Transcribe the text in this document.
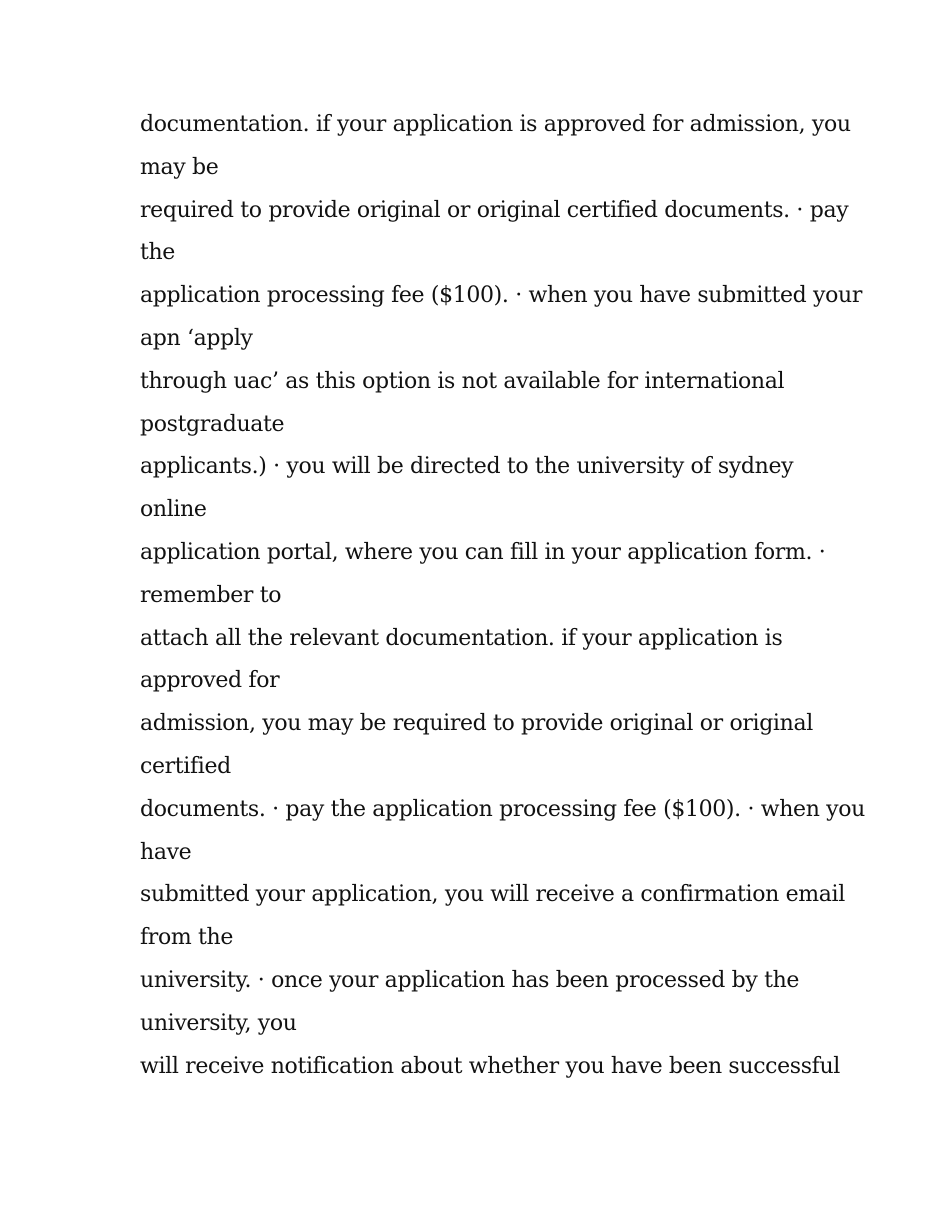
documentation. if your application is approved for admission, you

may be

required to provide original or original certified documents. · pay

the

application processing fee ($100). · when you have submitted your

apn ‘apply

through uac’ as this option is not available for international

postgraduate

applicants.) · you will be directed to the university of sydney

online

application portal, where you can fill in your application form. ·

remember to

attach all the relevant documentation. if your application is

approved for

admission, you may be required to provide original or original

certified

documents. · pay the application processing fee ($100). · when you

have

submitted your application, you will receive a confirmation email

from the

university. · once your application has been processed by the

university, you

will receive notification about whether you have been successful
